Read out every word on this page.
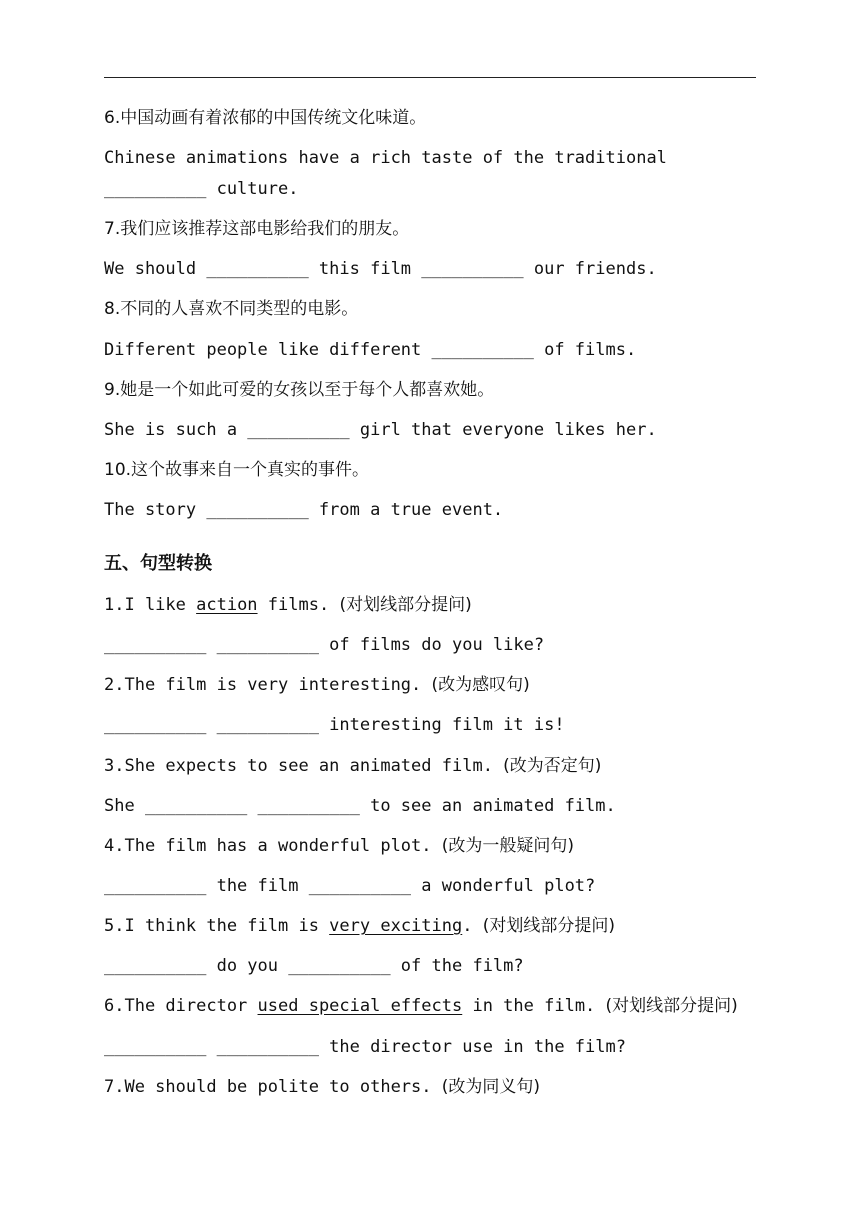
6.中国动画有着浓郁的中国传统文化味道。
Chinese animations have a rich taste of the traditional
__________ culture.
7.我们应该推荐这部电影给我们的朋友。
We should __________ this film __________ our friends.
8.不同的人喜欢不同类型的电影。
Different people like different __________ of films.
9.她是一个如此可爱的女孩以至于每个人都喜欢她。
She is such a __________ girl that everyone likes her.
10.这个故事来自一个真实的事件。
The story __________ from a true event.
五、句型转换
1.I like action films. (对划线部分提问)
__________ __________ of films do you like?
2.The film is very interesting. (改为感叹句)
__________ __________ interesting film it is!
3.She expects to see an animated film. (改为否定句)
She __________ __________ to see an animated film.
4.The film has a wonderful plot. (改为一般疑问句)
__________ the film __________ a wonderful plot?
5.I think the film is very exciting. (对划线部分提问)
__________ do you __________ of the film?
6.The director used special effects in the film. (对划线部分提问)
__________ __________ the director use in the film?
7.We should be polite to others. (改为同义句)
